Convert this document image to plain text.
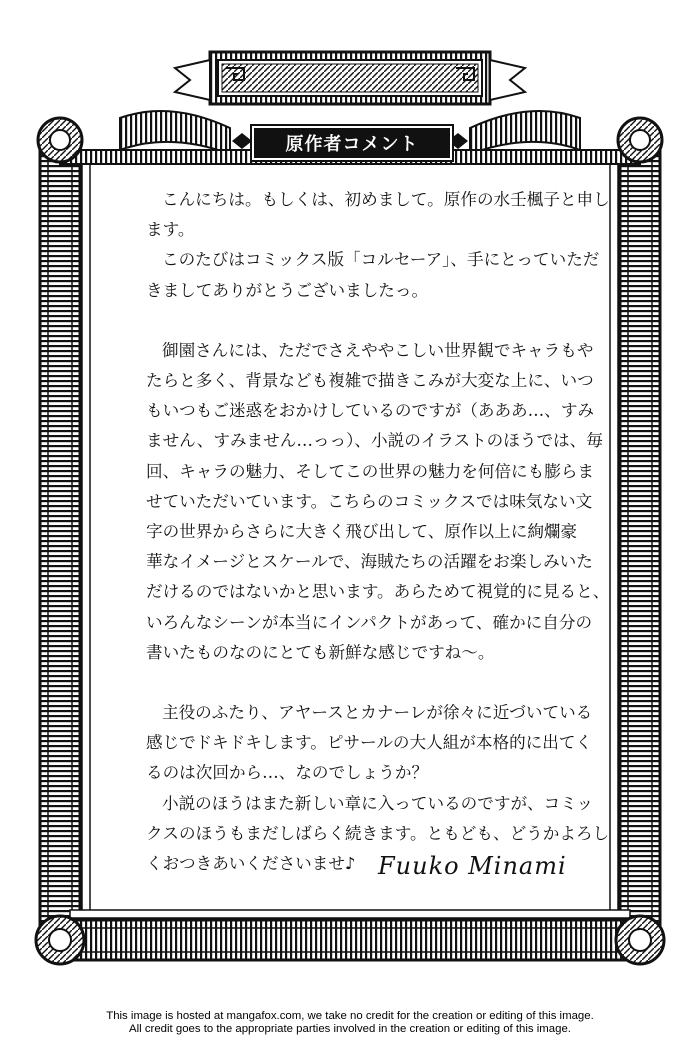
原作者コメント

こんにちは。もしくは、初めまして。原作の水壬楓子と申し
ます。
このたびはコミックス版「コルセーア」、手にとっていただ
きましてありがとうございましたっ。

御園さんには、ただでさえややこしい世界観でキャラもや
たらと多く、背景なども複雑で描きこみが大変な上に、いつ
もいつもご迷惑をおかけしているのですが（あああ…、すみ
ません、すみません…っっ）、小説のイラストのほうでは、毎
回、キャラの魅力、そしてこの世界の魅力を何倍にも膨らま
せていただいています。こちらのコミックスでは味気ない文
字の世界からさらに大きく飛び出して、原作以上に絢爛豪
華なイメージとスケールで、海賊たちの活躍をお楽しみいた
だけるのではないかと思います。あらためて視覚的に見ると、
いろんなシーンが本当にインパクトがあって、確かに自分の
書いたものなのにとても新鮮な感じですね～。

主役のふたり、アヤースとカナーレが徐々に近づいている
感じでドキドキします。ピサールの大人組が本格的に出てく
るのは次回から…、なのでしょうか？
小説のほうはまた新しい章に入っているのですが、コミッ
クスのほうもまだしばらく続きます。ともども、どうかよろし
くおつきあいくださいませ♪ Fuuko Minami
This image is hosted at mangafox.com, we take no credit for the creation or editing of this image.
All credit goes to the appropriate parties involved in the creation or editing of this image.
